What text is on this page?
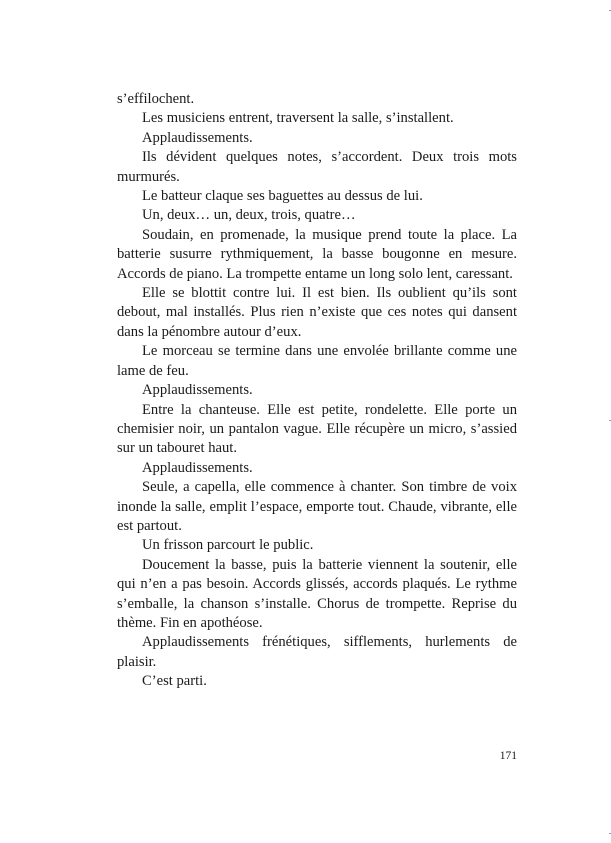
s’effilochent.

Les musiciens entrent, traversent la salle, s’installent.

Applaudissements.

Ils dévident quelques notes, s’accordent. Deux trois mots murmurés.

Le batteur claque ses baguettes au dessus de lui.

Un, deux… un, deux, trois, quatre…

Soudain, en promenade, la musique prend toute la place. La batterie susurre rythmiquement, la basse bougonne en mesure. Accords de piano. La trompette entame un long solo lent, caressant.

Elle se blottit contre lui. Il est bien. Ils oublient qu’ils sont debout, mal installés. Plus rien n’existe que ces notes qui dansent dans la pénombre autour d’eux.

Le morceau se termine dans une envolée brillante comme une lame de feu.

Applaudissements.

Entre la chanteuse. Elle est petite, rondelette. Elle porte un chemisier noir, un pantalon vague. Elle récupère un micro, s’assied sur un tabouret haut.

Applaudissements.

Seule, a capella, elle commence à chanter. Son timbre de voix inonde la salle, emplit l’espace, emporte tout. Chaude, vibrante, elle est partout.

Un frisson parcourt le public.

Doucement la basse, puis la batterie viennent la soutenir, elle qui n’en a pas besoin. Accords glissés, accords plaqués. Le rythme s’emballe, la chanson s’installe. Chorus de trompette. Reprise du thème. Fin en apothéose.

Applaudissements frénétiques, sifflements, hurlements de plaisir.

C’est parti.

171
